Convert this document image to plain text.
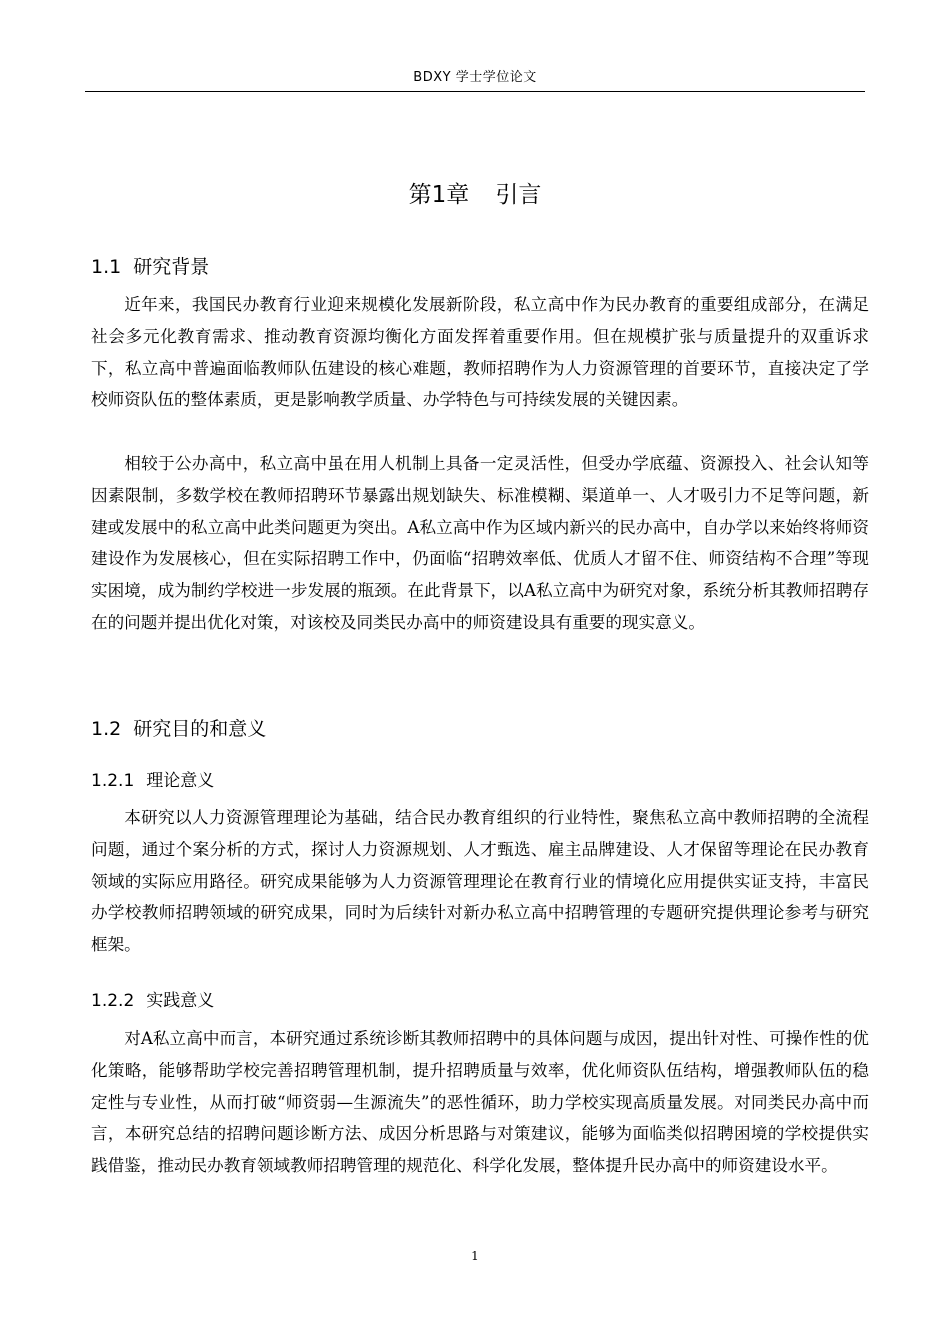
BDXY 学士学位论文
第1章 引言
1.1 研究背景

近年来，我国民办教育行业迎来规模化发展新阶段，私立高中作为民办教育的重要组成部分，在满足社会多元化教育需求、推动教育资源均衡化方面发挥着重要作用。但在规模扩张与质量提升的双重诉求下，私立高中普遍面临教师队伍建设的核心难题，教师招聘作为人力资源管理的首要环节，直接决定了学校师资队伍的整体素质，更是影响教学质量、办学特色与可持续发展的关键因素。

相较于公办高中，私立高中虽在用人机制上具备一定灵活性，但受办学底蕴、资源投入、社会认知等因素限制，多数学校在教师招聘环节暴露出规划缺失、标准模糊、渠道单一、人才吸引力不足等问题，新建或发展中的私立高中此类问题更为突出。A私立高中作为区域内新兴的民办高中，自办学以来始终将师资建设作为发展核心，但在实际招聘工作中，仍面临“招聘效率低、优质人才留不住、师资结构不合理”等现实困境，成为制约学校进一步发展的瓶颈。在此背景下，以A私立高中为研究对象，系统分析其教师招聘存在的问题并提出优化对策，对该校及同类民办高中的师资建设具有重要的现实意义。

1.2 研究目的和意义
1.2.1 理论意义

本研究以人力资源管理理论为基础，结合民办教育组织的行业特性，聚焦私立高中教师招聘的全流程问题，通过个案分析的方式，探讨人力资源规划、人才甄选、雇主品牌建设、人才保留等理论在民办教育领域的实际应用路径。研究成果能够为人力资源管理理论在教育行业的情境化应用提供实证支持，丰富民办学校教师招聘领域的研究成果，同时为后续针对新办私立高中招聘管理的专题研究提供理论参考与研究框架。

1.2.2 实践意义

对A私立高中而言，本研究通过系统诊断其教师招聘中的具体问题与成因，提出针对性、可操作性的优化策略，能够帮助学校完善招聘管理机制，提升招聘质量与效率，优化师资队伍结构，增强教师队伍的稳定性与专业性，从而打破“师资弱—生源流失”的恶性循环，助力学校实现高质量发展。对同类民办高中而言，本研究总结的招聘问题诊断方法、成因分析思路与对策建议，能够为面临类似招聘困境的学校提供实践借鉴，推动民办教育领域教师招聘管理的规范化、科学化发展，整体提升民办高中的师资建设水平。

1
